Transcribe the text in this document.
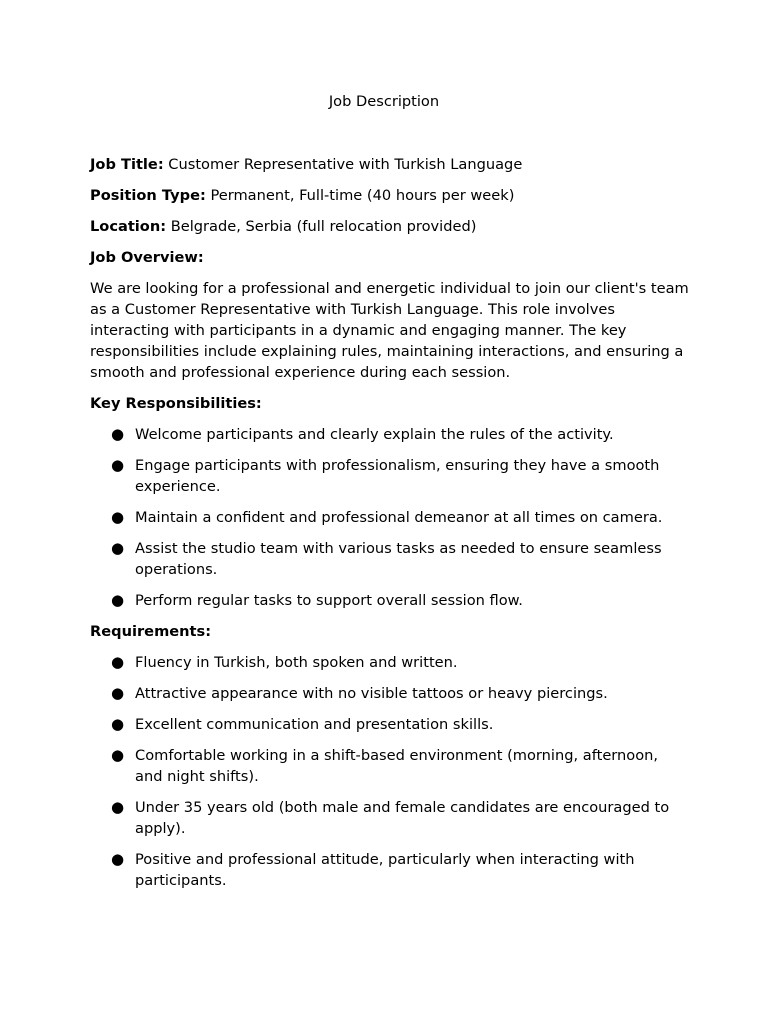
Job Description

Job Title: Customer Representative with Turkish Language

Position Type: Permanent, Full-time (40 hours per week)

Location: Belgrade, Serbia (full relocation provided)

Job Overview:

We are looking for a professional and energetic individual to join our client's team as a Customer Representative with Turkish Language. This role involves interacting with participants in a dynamic and engaging manner. The key responsibilities include explaining rules, maintaining interactions, and ensuring a smooth and professional experience during each session.

Key Responsibilities:

● Welcome participants and clearly explain the rules of the activity.
● Engage participants with professionalism, ensuring they have a smooth experience.
● Maintain a confident and professional demeanor at all times on camera.
● Assist the studio team with various tasks as needed to ensure seamless operations.
● Perform regular tasks to support overall session flow.

Requirements:

● Fluency in Turkish, both spoken and written.
● Attractive appearance with no visible tattoos or heavy piercings.
● Excellent communication and presentation skills.
● Comfortable working in a shift-based environment (morning, afternoon, and night shifts).
● Under 35 years old (both male and female candidates are encouraged to apply).
● Positive and professional attitude, particularly when interacting with participants.
